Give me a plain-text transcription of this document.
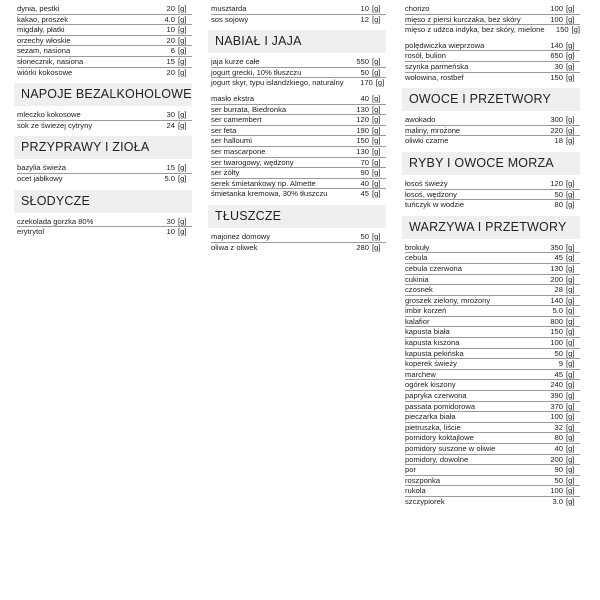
dynia, pestki	20 [g]
kakao, proszek	4.0 [g]
migdały, płatki	10 [g]
orzechy włoskie	20 [g]
sezam, nasiona	6 [g]
słonecznik, nasiona	15 [g]
wiórki kokosowe	20 [g]
NAPOJE BEZALKOHOLOWE
mleczko kokosowe	30 [g]
sok ze świeżej cytryny	24 [g]
PRZYPRAWY I ZIOŁA
bazylia świeża	15 [g]
ocet jabłkowy	5.0 [g]
SŁODYCZE
czekolada gorzka 80%	30 [g]
erytrytol	10 [g]
musztarda	10 [g]
sos sojowy	12 [g]
NABIAŁ I JAJA
jaja kurze całe	550 [g]
jogurt grecki, 10% tłuszczu	50 [g]
jogurt skyr, typu islandzkiego, naturalny	170 [g]
masło ekstra	40 [g]
ser burrata, Biedronka	130 [g]
ser camembert	120 [g]
ser feta	190 [g]
ser halloumi	150 [g]
ser mascarpone	130 [g]
ser twarogowy, wędzony	70 [g]
ser żółty	90 [g]
serek śmietankowy np. Almette	40 [g]
śmietanka kremowa, 30% tłuszczu	45 [g]
TŁUSZCZE
majonez domowy	50 [g]
oliwa z oliwek	280 [g]
chorizo	100 [g]
mięso z piersi kurczaka, bez skóry	100 [g]
mięso z udźca indyka, bez skóry, mielone	150 [g]
polędwiczka wieprzowa	140 [g]
rosół, bulion	650 [g]
szynka parmeńska	30 [g]
wołowina, rostbef	150 [g]
OWOCE I PRZETWORY
awokado	300 [g]
maliny, mrożone	220 [g]
oliwki czarne	18 [g]
RYBY I OWOCE MORZA
łosoś świeży	120 [g]
łosoś, wędzony	50 [g]
tuńczyk w wodzie	80 [g]
WARZYWA I PRZETWORY
brokuły	350 [g]
cebula	45 [g]
cebula czerwona	130 [g]
cukinia	200 [g]
czosnek	28 [g]
groszek zielony, mrożony	140 [g]
imbir korzeń	5.0 [g]
kalafior	800 [g]
kapusta biała	150 [g]
kapusta kiszona	100 [g]
kapusta pekińska	50 [g]
koperek świeży	9 [g]
marchew	45 [g]
ogórek kiszony	240 [g]
papryka czerwona	390 [g]
passata pomidorowa	370 [g]
pieczarka biała	100 [g]
pietruszka, liście	32 [g]
pomidory koktajlowe	80 [g]
pomidory suszone w oliwie	40 [g]
pomidory, dowolne	200 [g]
por	90 [g]
roszponka	50 [g]
rukola	100 [g]
szczypiorek	3.0 [g]
